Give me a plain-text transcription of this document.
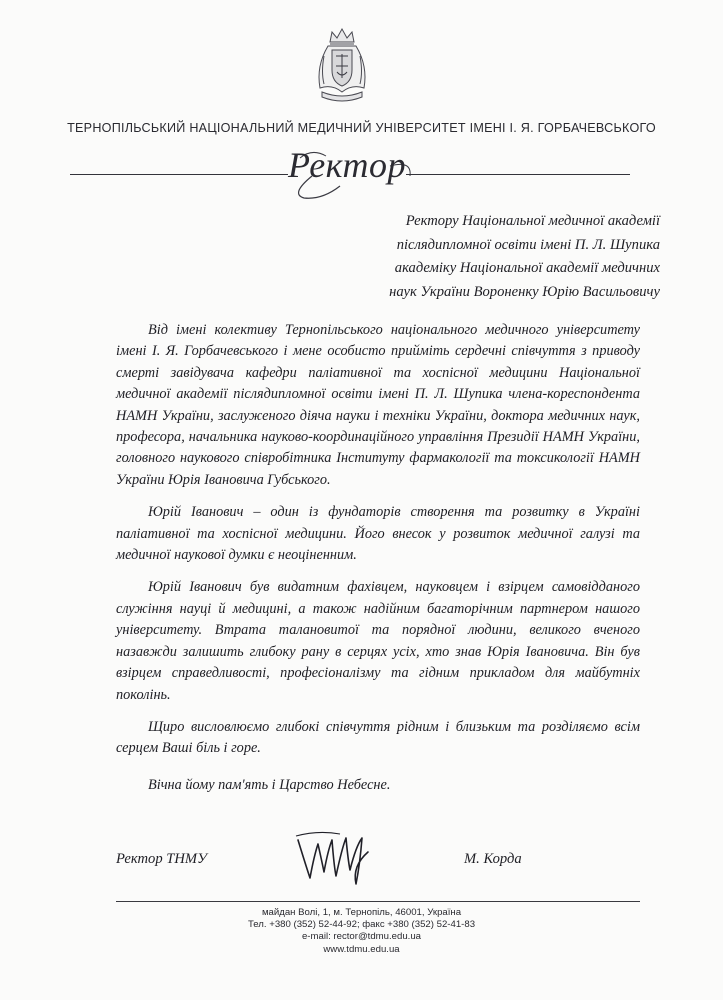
ТЕРНОПІЛЬСЬКИЙ НАЦІОНАЛЬНИЙ МЕДИЧНИЙ УНІВЕРСИТЕТ ІМЕНІ І. Я. ГОРБАЧЕВСЬКОГО
Ректор
Ректору Національної медичної академії
післядипломної освіти імені П. Л. Шупика
академіку Національної академії медичних
наук України Вороненку Юрію Васильовичу

Від імені колективу Тернопільського національного медичного університету імені І. Я. Горбачевського і мене особисто прийміть сердечні співчуття з приводу смерті завідувача кафедри паліативної та хоспісної медицини Національної медичної академії післядипломної освіти імені П. Л. Шупика члена-кореспондента НАМН України, заслуженого діяча науки і техніки України, доктора медичних наук, професора, начальника науково-координаційного управління Президії НАМН України, головного наукового співробітника Інституту фармакології та токсикології НАМН України Юрія Івановича Губського.

Юрій Іванович – один із фундаторів створення та розвитку в Україні паліативної та хоспісної медицини. Його внесок у розвиток медичної галузі та медичної наукової думки є неоціненним.

Юрій Іванович був видатним фахівцем, науковцем і взірцем самовідданого служіння науці й медицині, а також надійним багаторічним партнером нашого університету. Втрата талановитої та порядної людини, великого вченого назавжди залишить глибоку рану в серцях усіх, хто знав Юрія Івановича. Він був взірцем справедливості, професіоналізму та гідним прикладом для майбутніх поколінь.

Щиро висловлюємо глибокі співчуття рідним і близьким та розділяємо всім серцем Ваші біль і горе.

Вічна йому пам'ять і Царство Небесне.

Ректор ТНМУ	М. Корда
майдан Волі, 1, м. Тернопіль, 46001, Україна
Тел. +380 (352) 52-44-92; факс +380 (352) 52-41-83
e-mail: rector@tdmu.edu.ua
www.tdmu.edu.ua
